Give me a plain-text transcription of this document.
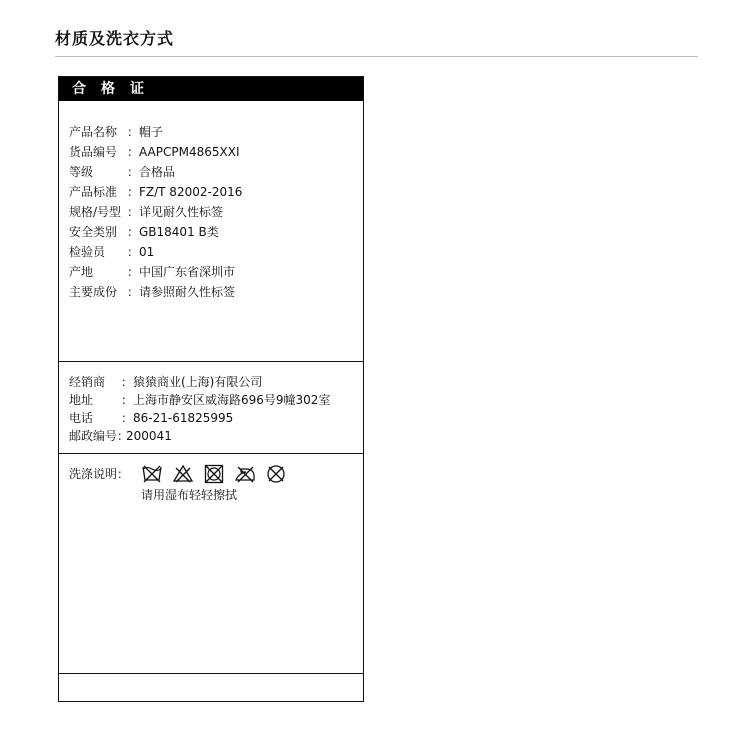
材质及洗衣方式
合 格 证
产品名称 ：帽子
货品编号 ：AAPCPM4865XXI
等级	：合格品
产品标准 ：FZ/T 82002-2016
规格/号型 ：详见耐久性标签
安全类别 ：GB18401 B类
检验员 ：01
产地	：中国广东省深圳市
主要成份 ：请参照耐久性标签
经销商 ：猿猿商业(上海)有限公司
地址 ：上海市静安区威海路696号9幢302室
电话 ：86-21-61825995
邮政编号：200041
洗涤说明：
请用湿布轻轻擦拭
